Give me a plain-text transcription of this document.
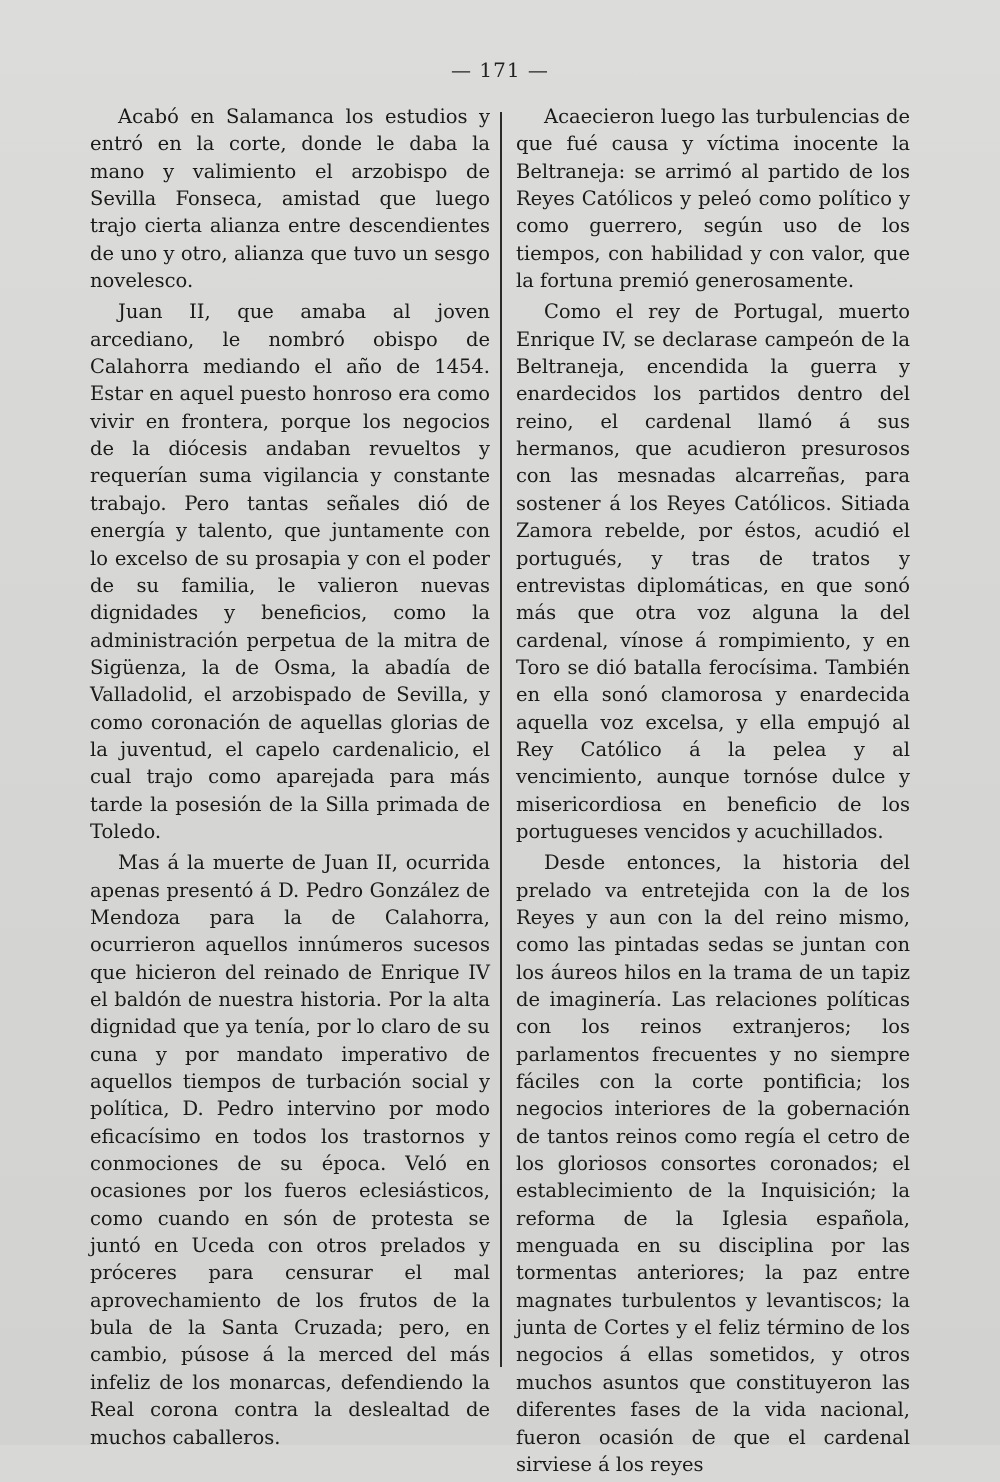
— 171 —

Acabó en Salamanca los estudios y entró en la corte, donde le daba la mano y valimiento el arzobispo de Sevilla Fonseca, amistad que luego trajo cierta alianza entre descendientes de uno y otro, alianza que tuvo un sesgo novelesco.

Juan II, que amaba al joven arcediano, le nombró obispo de Calahorra mediando el año de 1454. Estar en aquel puesto honroso era como vivir en frontera, porque los negocios de la diócesis andaban revueltos y requerían suma vigilancia y constante trabajo. Pero tantas señales dió de energía y talento, que juntamente con lo excelso de su prosapia y con el poder de su familia, le valieron nuevas dignidades y beneficios, como la administración perpetua de la mitra de Sigüenza, la de Osma, la abadía de Valladolid, el arzobispado de Sevilla, y como coronación de aquellas glorias de la juventud, el capelo cardenalicio, el cual trajo como aparejada para más tarde la posesión de la Silla primada de Toledo.

Mas á la muerte de Juan II, ocurrida apenas presentó á D. Pedro González de Mendoza para la de Calahorra, ocurrieron aquellos innúmeros sucesos que hicieron del reinado de Enrique IV el baldón de nuestra historia. Por la alta dignidad que ya tenía, por lo claro de su cuna y por mandato imperativo de aquellos tiempos de turbación social y política, D. Pedro intervino por modo eficacísimo en todos los trastornos y conmociones de su época. Veló en ocasiones por los fueros eclesiásticos, como cuando en són de protesta se juntó en Uceda con otros prelados y próceres para censurar el mal aprovechamiento de los frutos de la bula de la Santa Cruzada; pero, en cambio, púsose á la merced del más infeliz de los monarcas, defendiendo la Real corona contra la deslealtad de muchos caballeros.

Acaecieron luego las turbulencias de que fué causa y víctima inocente la Beltraneja: se arrimó al partido de los Reyes Católicos y peleó como político y como guerrero, según uso de los tiempos, con habilidad y con valor, que la fortuna premió generosamente.

Como el rey de Portugal, muerto Enrique IV, se declarase campeón de la Beltraneja, encendida la guerra y enardecidos los partidos dentro del reino, el cardenal llamó á sus hermanos, que acudieron presurosos con las mesnadas alcarreñas, para sostener á los Reyes Católicos. Sitiada Zamora rebelde, por éstos, acudió el portugués, y tras de tratos y entrevistas diplomáticas, en que sonó más que otra voz alguna la del cardenal, vínose á rompimiento, y en Toro se dió batalla ferocísima. También en ella sonó clamorosa y enardecida aquella voz excelsa, y ella empujó al Rey Católico á la pelea y al vencimiento, aunque tornóse dulce y misericordiosa en beneficio de los portugueses vencidos y acuchillados.

Desde entonces, la historia del prelado va entretejida con la de los Reyes y aun con la del reino mismo, como las pintadas sedas se juntan con los áureos hilos en la trama de un tapiz de imaginería. Las relaciones políticas con los reinos extranjeros; los parlamentos frecuentes y no siempre fáciles con la corte pontificia; los negocios interiores de la gobernación de tantos reinos como regía el cetro de los gloriosos consortes coronados; el establecimiento de la Inquisición; la reforma de la Iglesia española, menguada en su disciplina por las tormentas anteriores; la paz entre magnates turbulentos y levantiscos; la junta de Cortes y el feliz término de los negocios á ellas sometidos, y otros muchos asuntos que constituyeron las diferentes fases de la vida nacional, fueron ocasión de que el cardenal sirviese á los reyes
